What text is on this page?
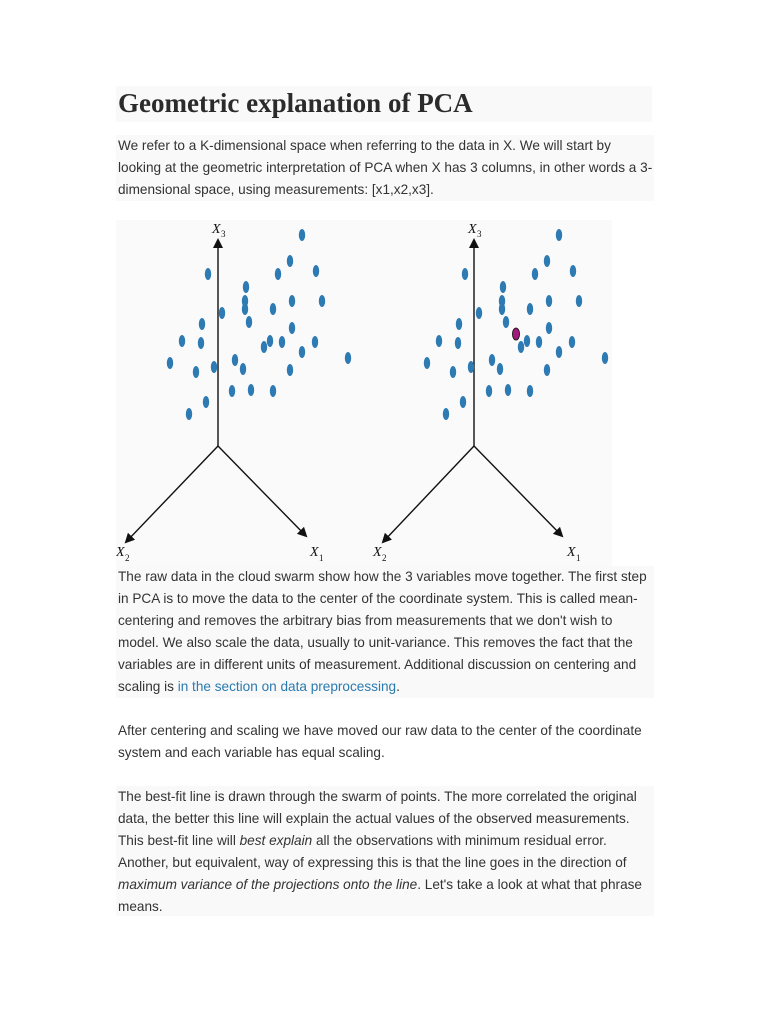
Geometric explanation of PCA

We refer to a K-dimensional space when referring to the data in X. We will start by looking at the geometric interpretation of PCA when X has 3 columns, in other words a 3-dimensional space, using measurements: [x1,x2,x3].

X 3
X 2	X 1
X 3
X 2	X 1

The raw data in the cloud swarm show how the 3 variables move together. The first step in PCA is to move the data to the center of the coordinate system. This is called mean-centering and removes the arbitrary bias from measurements that we don't wish to model. We also scale the data, usually to unit-variance. This removes the fact that the variables are in different units of measurement. Additional discussion on centering and scaling is in the section on data preprocessing.

After centering and scaling we have moved our raw data to the center of the coordinate system and each variable has equal scaling.

The best-fit line is drawn through the swarm of points. The more correlated the original data, the better this line will explain the actual values of the observed measurements. This best-fit line will best explain all the observations with minimum residual error. Another, but equivalent, way of expressing this is that the line goes in the direction of maximum variance of the projections onto the line. Let's take a look at what that phrase means.
